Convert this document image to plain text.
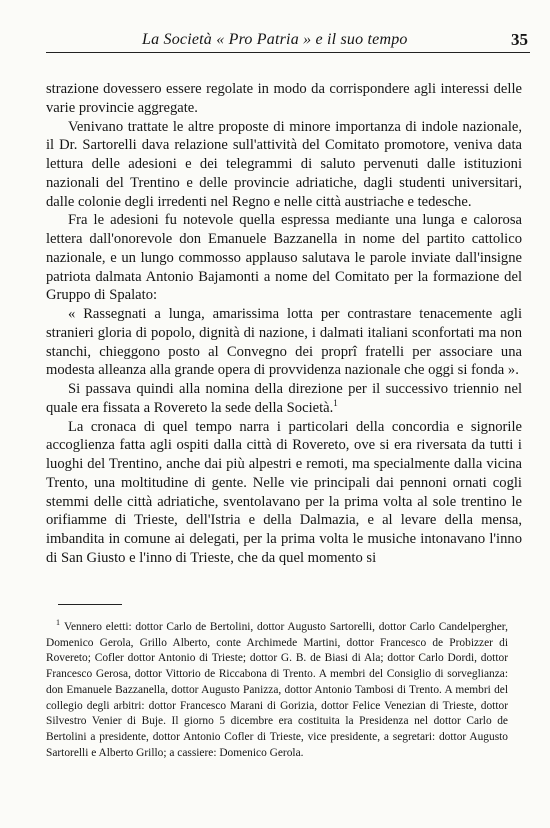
La Società « Pro Patria » e il suo tempo	35

strazione dovessero essere regolate in modo da corrispondere agli interessi delle varie provincie aggregate.

Venivano trattate le altre proposte di minore importanza di indole nazionale, il Dr. Sartorelli dava relazione sull'attività del Comitato promotore, veniva data lettura delle adesioni e dei telegrammi di saluto pervenuti dalle istituzioni nazionali del Trentino e delle provincie adriatiche, dagli studenti universitari, dalle colonie degli irredenti nel Regno e nelle città austriache e tedesche.

Fra le adesioni fu notevole quella espressa mediante una lunga e calorosa lettera dall'onorevole don Emanuele Bazzanella in nome del partito cattolico nazionale, e un lungo commosso applauso salutava le parole inviate dall'insigne patriota dalmata Antonio Bajamonti a nome del Comitato per la formazione del Gruppo di Spalato:

« Rassegnati a lunga, amarissima lotta per contrastare tenacemente agli stranieri gloria di popolo, dignità di nazione, i dalmati italiani sconfortati ma non stanchi, chieggono posto al Convegno dei proprî fratelli per associare una modesta alleanza alla grande opera di provvidenza nazionale che oggi si fonda ».

Si passava quindi alla nomina della direzione per il successivo triennio nel quale era fissata a Rovereto la sede della Società.$^1$

La cronaca di quel tempo narra i particolari della concordia e signorile accoglienza fatta agli ospiti dalla città di Rovereto, ove si era riversata da tutti i luoghi del Trentino, anche dai più alpestri e remoti, ma specialmente dalla vicina Trento, una moltitudine di gente. Nelle vie principali dai pennoni ornati cogli stemmi delle città adriatiche, sventolavano per la prima volta al sole trentino le orifiamme di Trieste, dell'Istria e della Dalmazia, e al levare della mensa, imbandita in comune ai delegati, per la prima volta le musiche intonavano l'inno di San Giusto e l'inno di Trieste, che da quel momento si

$^1$ Vennero eletti: dottor Carlo de Bertolini, dottor Augusto Sartorelli, dottor Carlo Candelpergher, Domenico Gerola, Grillo Alberto, conte Archimede Martini, dottor Francesco de Probizzer di Rovereto; Cofler dottor Antonio di Trieste; dottor G. B. de Biasi di Ala; dottor Carlo Dordi, dottor Francesco Gerosa, dottor Vittorio de Riccabona di Trento. A membri del Consiglio di sorveglianza: don Emanuele Bazzanella, dottor Augusto Panizza, dottor Antonio Tambosi di Trento. A membri del collegio degli arbitri: dottor Francesco Marani di Gorizia, dottor Felice Venezian di Trieste, dottor Silvestro Venier di Buje. Il giorno 5 dicembre era costituita la Presidenza nel dottor Carlo de Bertolini a presidente, dottor Antonio Cofler di Trieste, vice presidente, a segretari: dottor Augusto Sartorelli e Alberto Grillo; a cassiere: Domenico Gerola.
